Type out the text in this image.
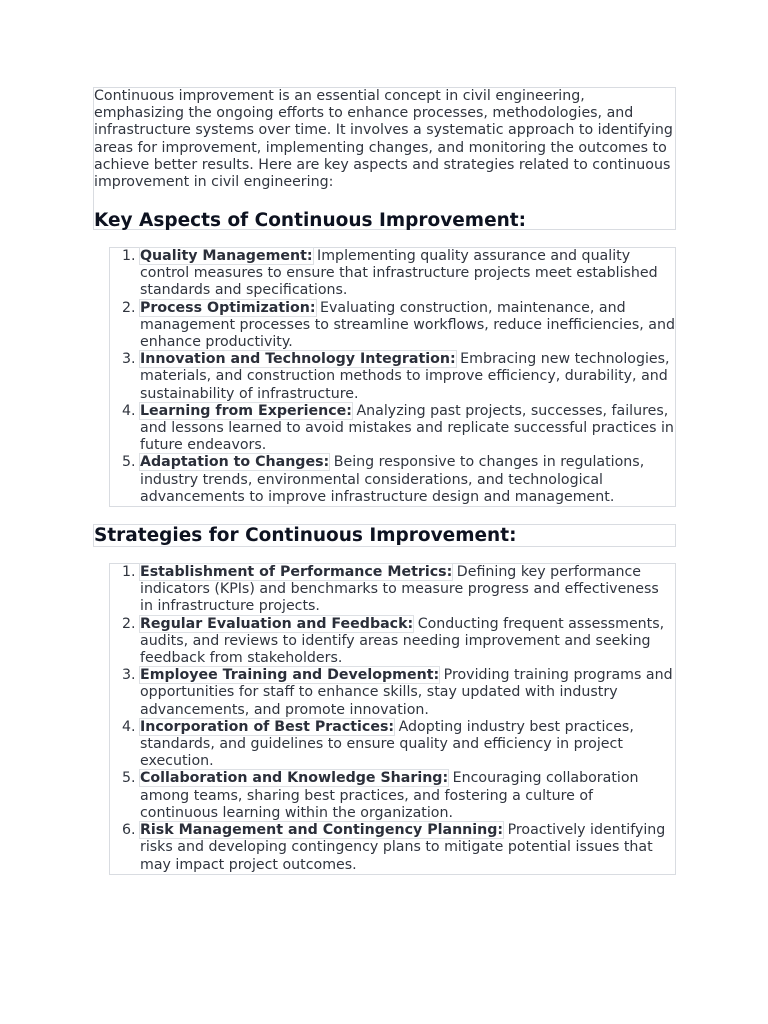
Continuous improvement is an essential concept in civil engineering, emphasizing the ongoing efforts to enhance processes, methodologies, and infrastructure systems over time. It involves a systematic approach to identifying areas for improvement, implementing changes, and monitoring the outcomes to achieve better results. Here are key aspects and strategies related to continuous improvement in civil engineering:

Key Aspects of Continuous Improvement:
1. Quality Management: Implementing quality assurance and quality control measures to ensure that infrastructure projects meet established standards and specifications.
2. Process Optimization: Evaluating construction, maintenance, and management processes to streamline workflows, reduce inefficiencies, and enhance productivity.
3. Innovation and Technology Integration: Embracing new technologies, materials, and construction methods to improve efficiency, durability, and sustainability of infrastructure.
4. Learning from Experience: Analyzing past projects, successes, failures, and lessons learned to avoid mistakes and replicate successful practices in future endeavors.
5. Adaptation to Changes: Being responsive to changes in regulations, industry trends, environmental considerations, and technological advancements to improve infrastructure design and management.
Strategies for Continuous Improvement:
1. Establishment of Performance Metrics: Defining key performance indicators (KPIs) and benchmarks to measure progress and effectiveness in infrastructure projects.
2. Regular Evaluation and Feedback: Conducting frequent assessments, audits, and reviews to identify areas needing improvement and seeking feedback from stakeholders.
3. Employee Training and Development: Providing training programs and opportunities for staff to enhance skills, stay updated with industry advancements, and promote innovation.
4. Incorporation of Best Practices: Adopting industry best practices, standards, and guidelines to ensure quality and efficiency in project execution.
5. Collaboration and Knowledge Sharing: Encouraging collaboration among teams, sharing best practices, and fostering a culture of continuous learning within the organization.
6. Risk Management and Contingency Planning: Proactively identifying risks and developing contingency plans to mitigate potential issues that may impact project outcomes.
